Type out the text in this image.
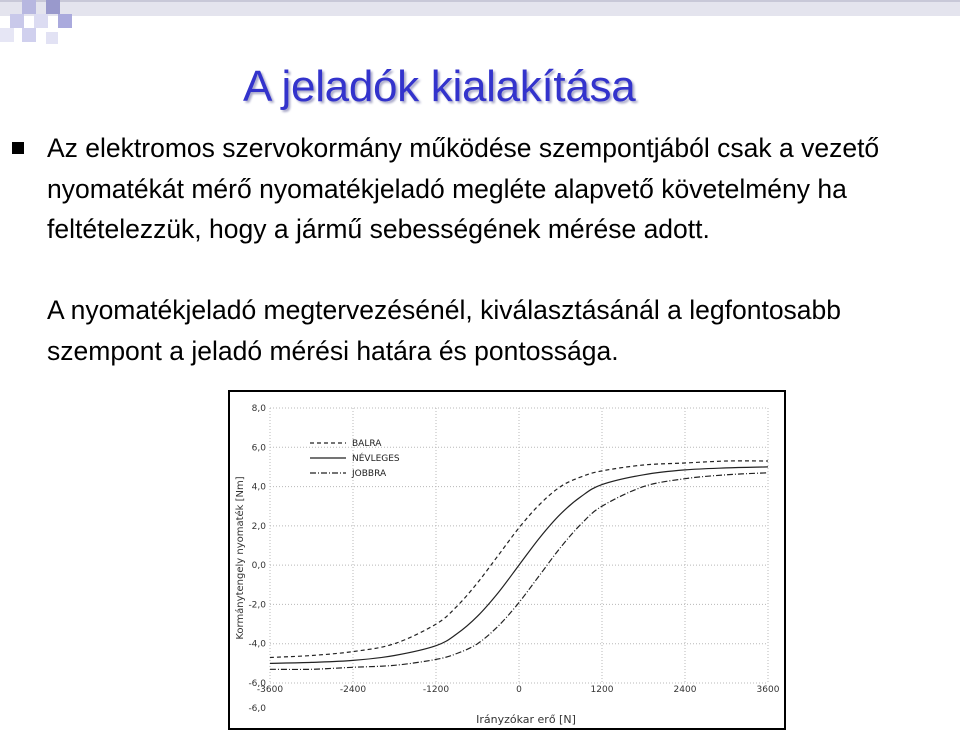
A jeladók kialakítása

Az elektromos szervokormány működése szempontjából csak a vezető nyomatékát mérő nyomatékjeladó megléte alapvető követelmény ha feltételezzük, hogy a jármű sebességének mérése adott.

A nyomatékjeladó megtervezésénél, kiválasztásánál a legfontosabb szempont a jeladó mérési határa és pontossága.

-3600	-2400	-1200	0	1200	2400	3600
8,0
6,0
4,0
2,0
0,0
-2,0
-4,0
-6,0
-6,0
BALRA
NÉVLEGES
JOBBRA
Irányzókar erő [N]
Kormánytengely nyomaték [Nm]
